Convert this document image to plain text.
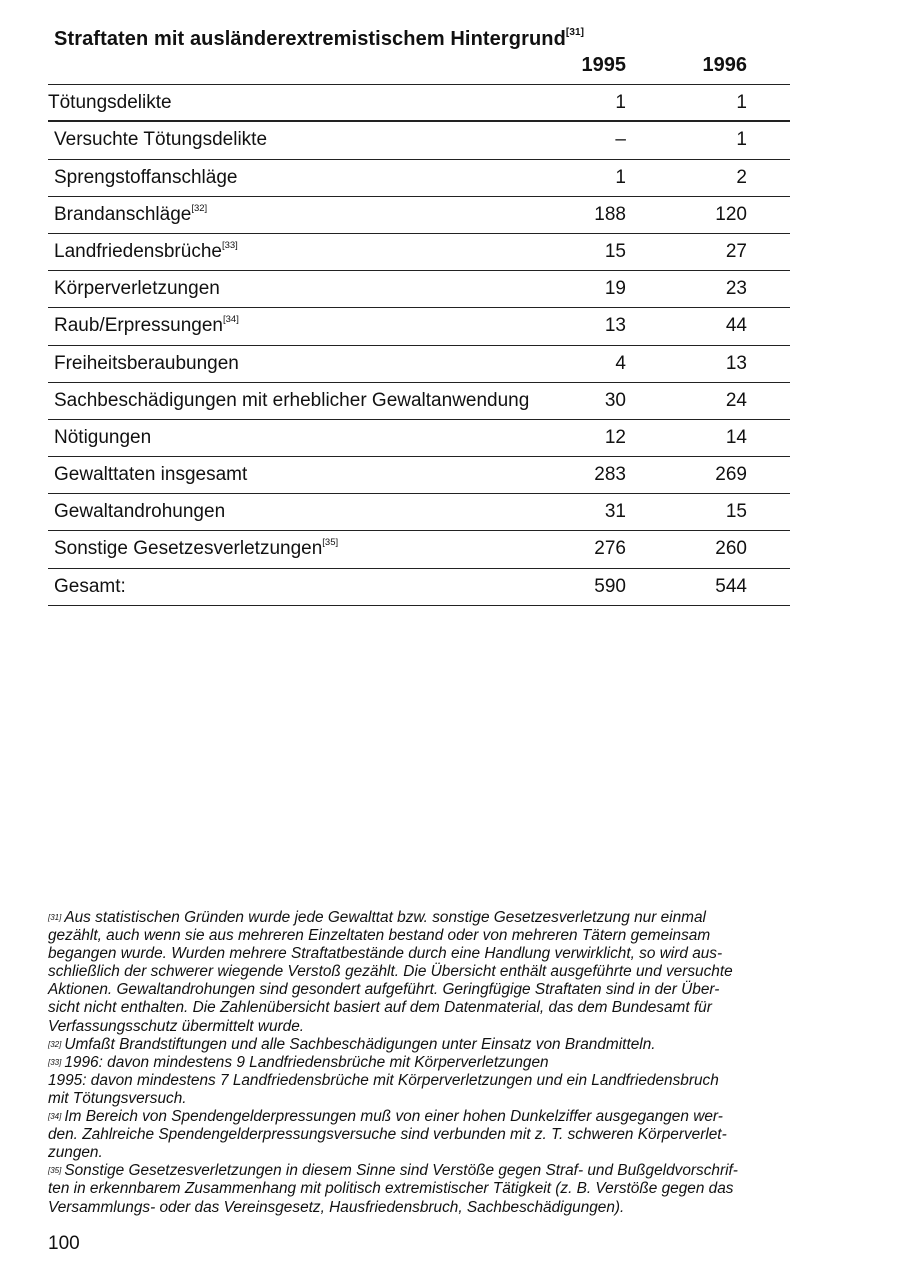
Straftaten mit ausländerextremistischem Hintergrund[31]
1995	1996
Tötungsdelikte	1	1
Versuchte Tötungsdelikte	–	1
Sprengstoffanschläge	1	2
Brandanschläge[32]	188	120
Landfriedensbrüche[33]	15	27
Körperverletzungen	19	23
Raub/Erpressungen[34]	13	44
Freiheitsberaubungen	4	13
Sachbeschädigungen mit erheblicher Gewaltanwendung	30	24
Nötigungen	12	14
Gewalttaten insgesamt	283	269
Gewaltandrohungen	31	15
Sonstige Gesetzesverletzungen[35]	276	260
Gesamt:	590	544
[31] Aus statistischen Gründen wurde jede Gewalttat bzw. sonstige Gesetzesverletzung nur einmal
gezählt, auch wenn sie aus mehreren Einzeltaten bestand oder von mehreren Tätern gemeinsam
begangen wurde. Wurden mehrere Straftatbestände durch eine Handlung verwirklicht, so wird aus-
schließlich der schwerer wiegende Verstoß gezählt. Die Übersicht enthält ausgeführte und versuchte
Aktionen. Gewaltandrohungen sind gesondert aufgeführt. Geringfügige Straftaten sind in der Über-
sicht nicht enthalten. Die Zahlenübersicht basiert auf dem Datenmaterial, das dem Bundesamt für
Verfassungsschutz übermittelt wurde.
[32] Umfaßt Brandstiftungen und alle Sachbeschädigungen unter Einsatz von Brandmitteln.
[33] 1996: davon mindestens 9 Landfriedensbrüche mit Körperverletzungen
1995: davon mindestens 7 Landfriedensbrüche mit Körperverletzungen und ein Landfriedensbruch
mit Tötungsversuch.
[34] Im Bereich von Spendengelderpressungen muß von einer hohen Dunkelziffer ausgegangen wer-
den. Zahlreiche Spendengelderpressungsversuche sind verbunden mit z. T. schweren Körperverlet-
zungen.
[35] Sonstige Gesetzesverletzungen in diesem Sinne sind Verstöße gegen Straf- und Bußgeldvorschrif-
ten in erkennbarem Zusammenhang mit politisch extremistischer Tätigkeit (z. B. Verstöße gegen das
Versammlungs- oder das Vereinsgesetz, Hausfriedensbruch, Sachbeschädigungen).
100
